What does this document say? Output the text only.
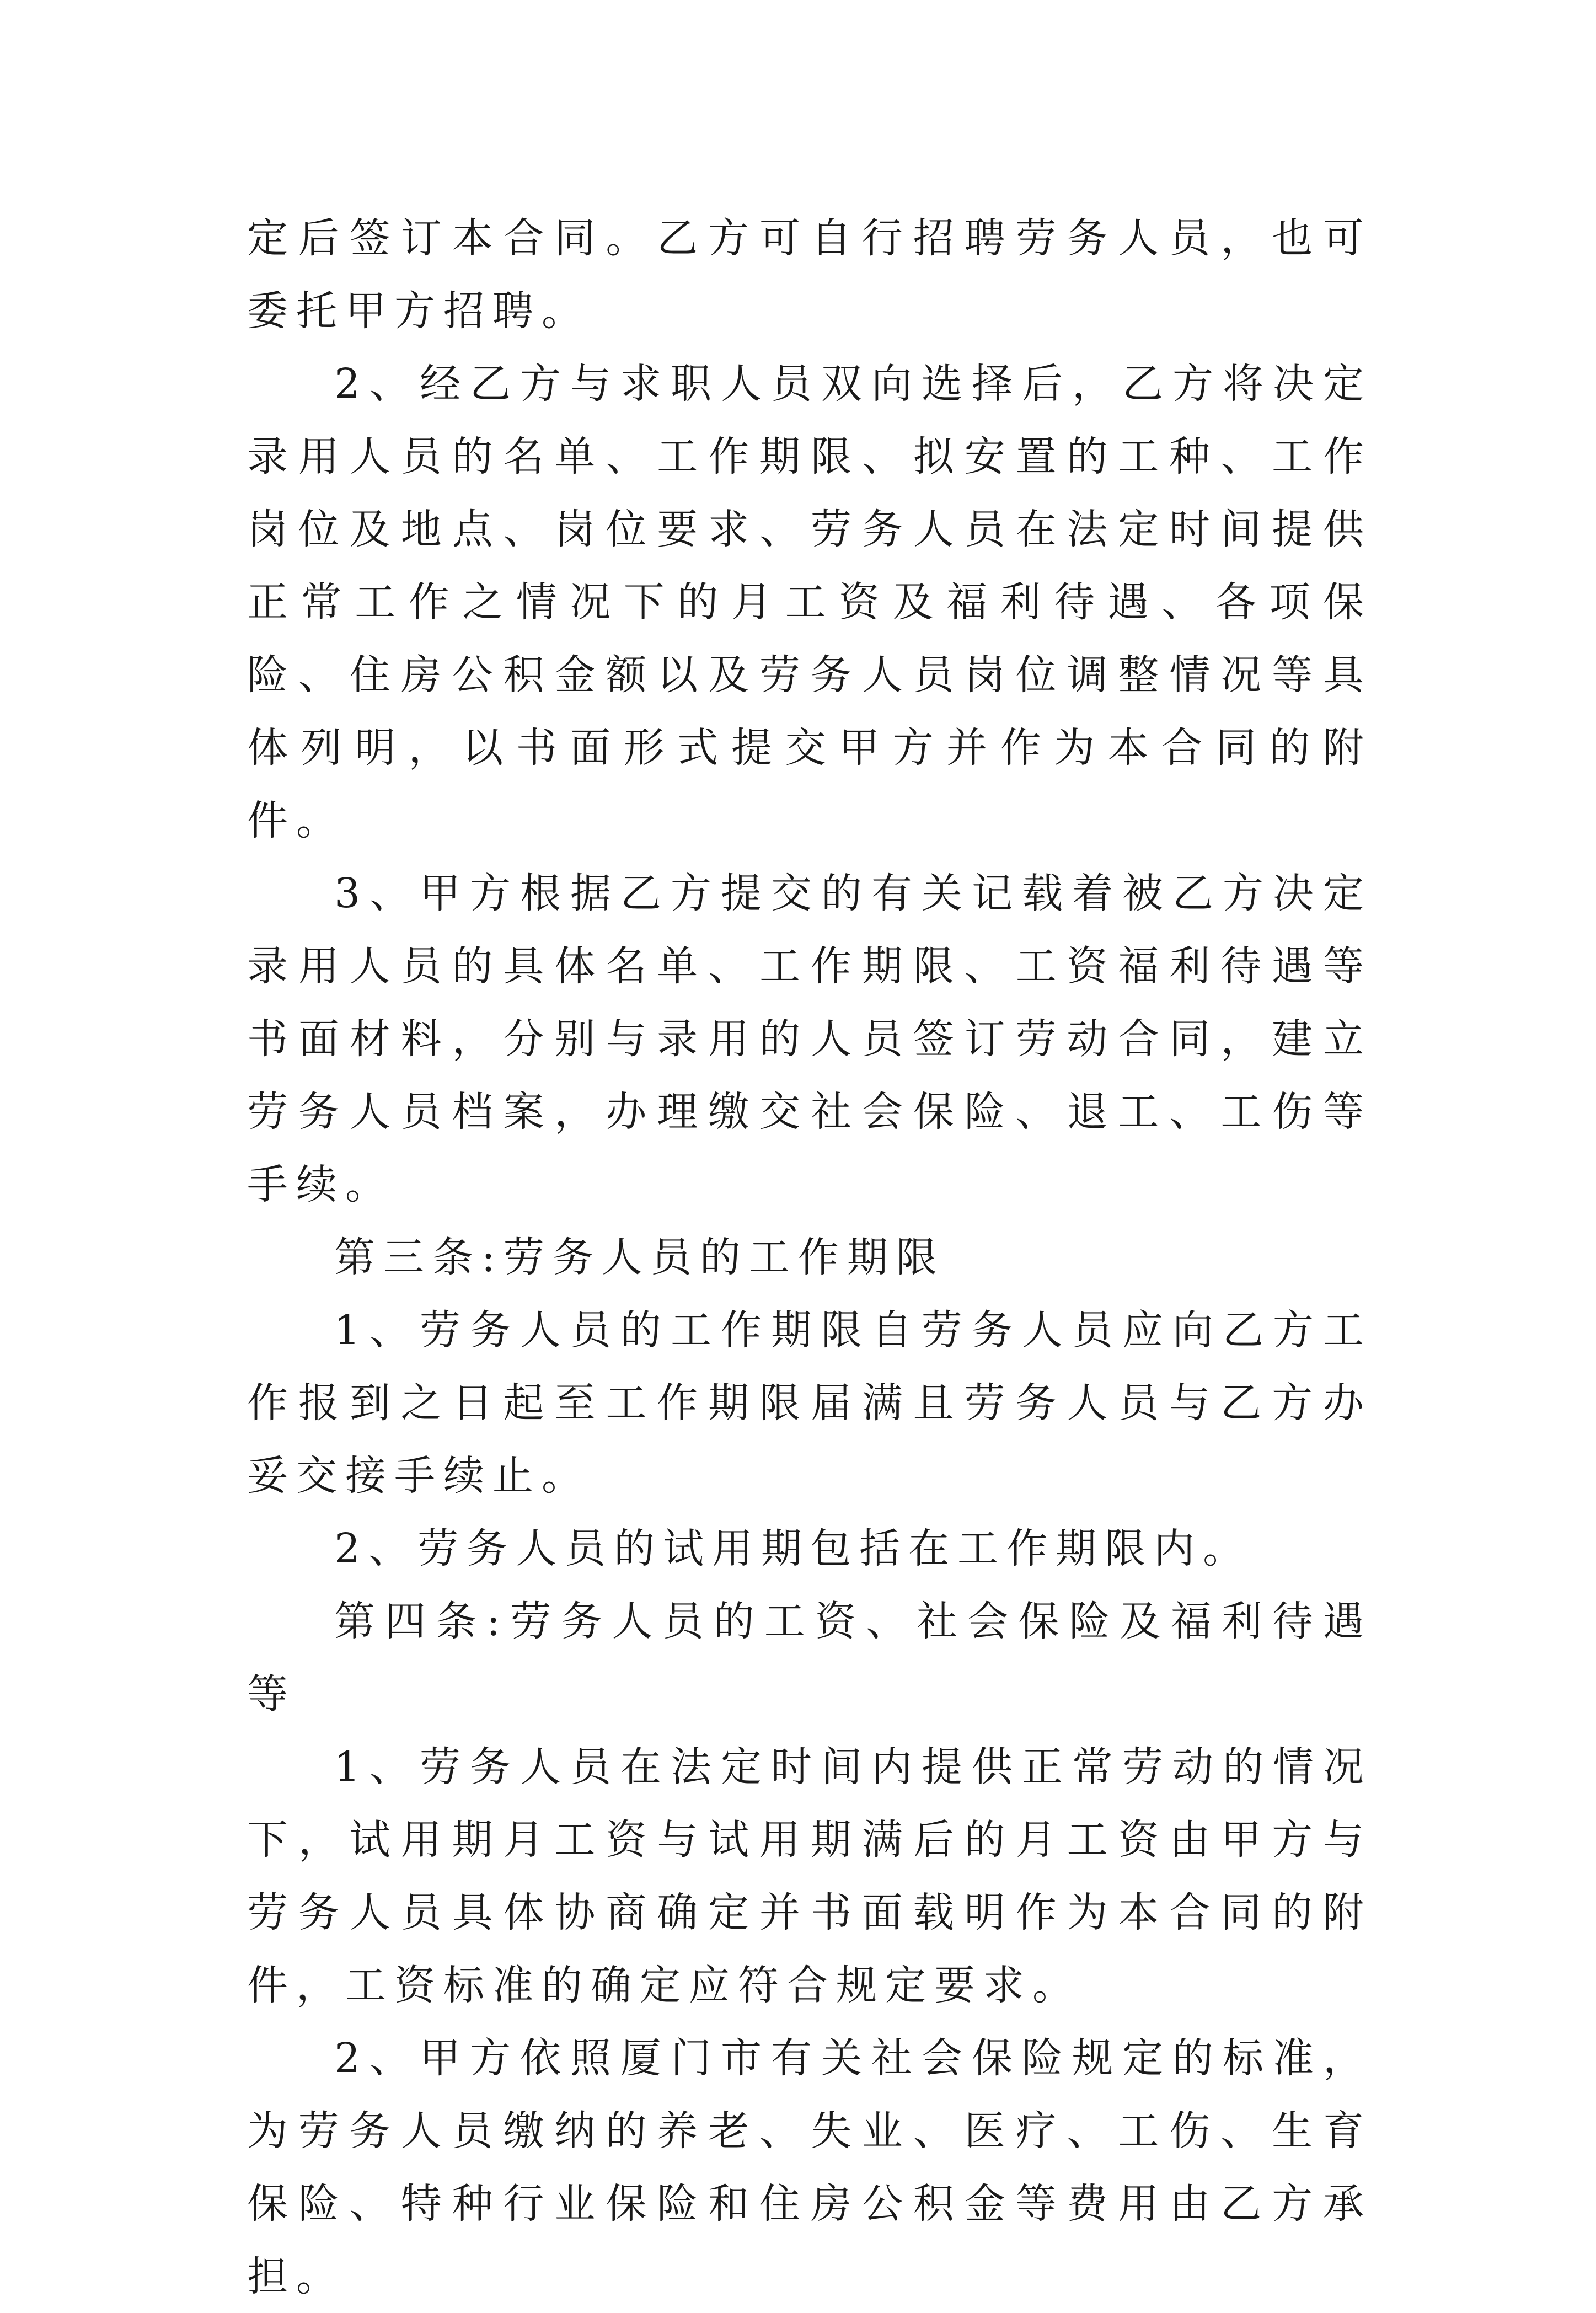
定后签订本合同。乙方可自行招聘劳务人员，也可委托甲方招聘。

2、经乙方与求职人员双向选择后，乙方将决定录用人员的名单、工作期限、拟安置的工种、工作岗位及地点、岗位要求、劳务人员在法定时间提供正常工作之情况下的月工资及福利待遇、各项保险、住房公积金额以及劳务人员岗位调整情况等具体列明，以书面形式提交甲方并作为本合同的附件。

3、甲方根据乙方提交的有关记载着被乙方决定录用人员的具体名单、工作期限、工资福利待遇等书面材料，分别与录用的人员签订劳动合同，建立劳务人员档案，办理缴交社会保险、退工、工伤等手续。

第三条:劳务人员的工作期限

1、劳务人员的工作期限自劳务人员应向乙方工作报到之日起至工作期限届满且劳务人员与乙方办妥交接手续止。

2、劳务人员的试用期包括在工作期限内。

第四条:劳务人员的工资、社会保险及福利待遇等

1、劳务人员在法定时间内提供正常劳动的情况下，试用期月工资与试用期满后的月工资由甲方与劳务人员具体协商确定并书面载明作为本合同的附件，工资标准的确定应符合规定要求。

2、甲方依照厦门市有关社会保险规定的标准，为劳务人员缴纳的养老、失业、医疗、工伤、生育保险、特种行业保险和住房公积金等费用由乙方承担。
